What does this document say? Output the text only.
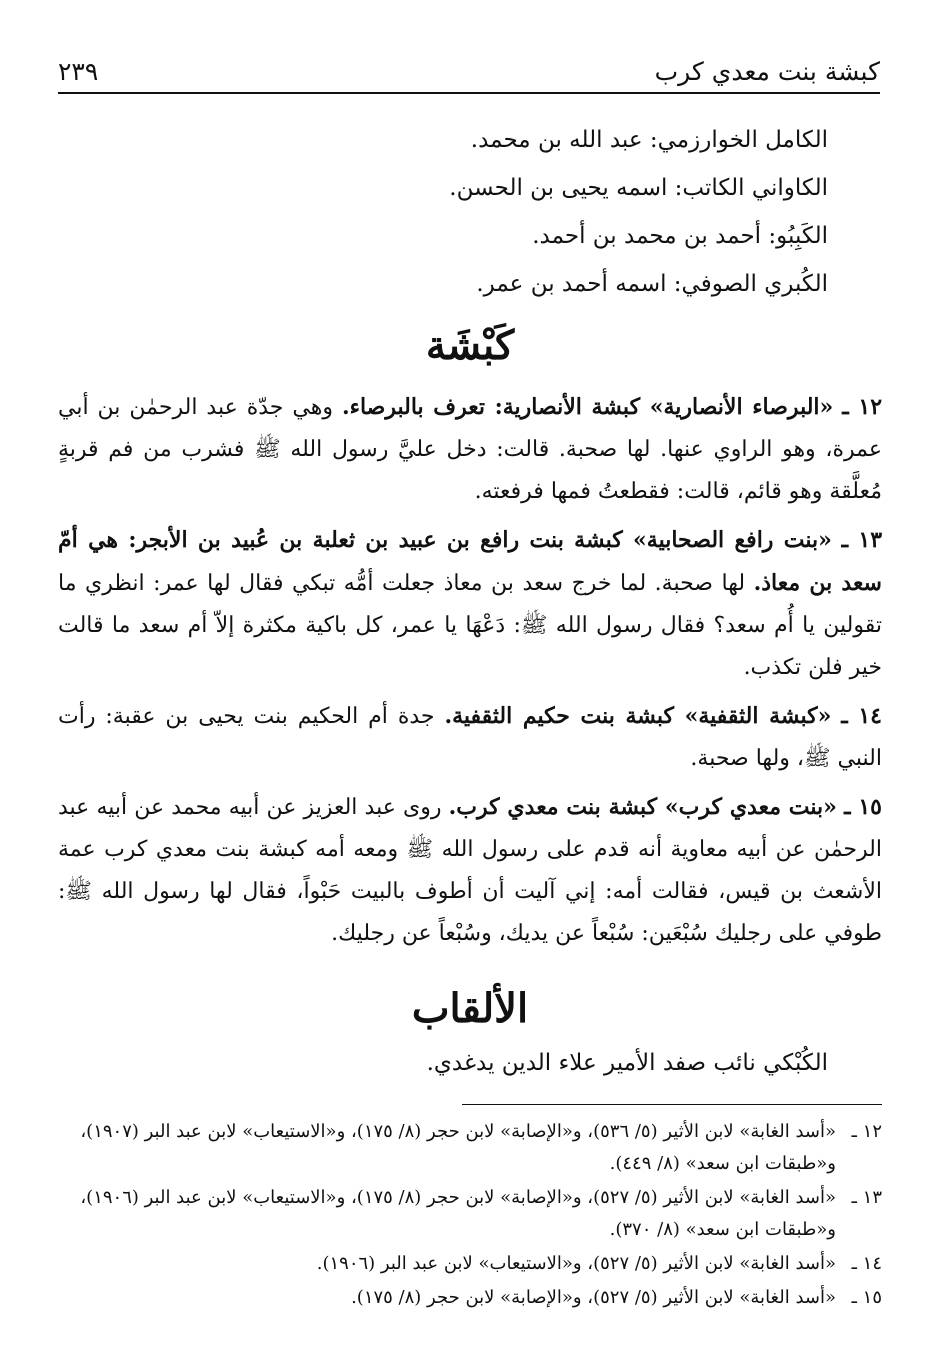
كبشة بنت معدي كرب
٢٣٩
الكامل الخوارزمي: عبد الله بن محمد.
الكاواني الكاتب: اسمه يحيى بن الحسن.
الكَبِبُو: أحمد بن محمد بن أحمد.
الكُبري الصوفي: اسمه أحمد بن عمر.
كَبْشَة

١٢ ـ «البرصاء الأنصارية» كبشة الأنصارية: تعرف بالبرصاء. وهي جدّة عبد الرحمٰن بن أبي عمرة، وهو الراوي عنها. لها صحبة. قالت: دخل عليَّ رسول الله ﷺ فشرب من فم قربةٍ مُعلَّقة وهو قائم، قالت: فقطعتُ فمها فرفعته.

١٣ ـ «بنت رافع الصحابية» كبشة بنت رافع بن عبيد بن ثعلبة بن عُبيد بن الأبجر: هي أمّ سعد بن معاذ. لها صحبة. لما خرج سعد بن معاذ جعلت أمُّه تبكي فقال لها عمر: انظري ما تقولين يا أُم سعد؟ فقال رسول الله ﷺ: دَعْهَا يا عمر، كل باكية مكثرة إلاّ أم سعد ما قالت خير فلن تكذب.

١٤ ـ «كبشة الثقفية» كبشة بنت حكيم الثقفية. جدة أم الحكيم بنت يحيى بن عقبة: رأت النبي ﷺ، ولها صحبة.

١٥ ـ «بنت معدي كرب» كبشة بنت معدي كرب. روى عبد العزيز عن أبيه محمد عن أبيه عبد الرحمٰن عن أبيه معاوية أنه قدم على رسول الله ﷺ ومعه أمه كبشة بنت معدي كرب عمة الأشعث بن قيس، فقالت أمه: إني آليت أن أطوف بالبيت حَبْواً، فقال لها رسول الله ﷺ: طوفي على رجليك سُبْعَين: سُبْعاً عن يديك، وسُبْعاً عن رجليك.

الألقاب
الكُبْكي نائب صفد الأمير علاء الدين يدغدي.
١٢ ـ
«أسد الغابة» لابن الأثير (٥/ ٥٣٦)، و«الإصابة» لابن حجر (٨/ ١٧٥)، و«الاستيعاب» لابن عبد البر (١٩٠٧)، و«طبقات ابن سعد» (٨/ ٤٤٩).
١٣ ـ
«أسد الغابة» لابن الأثير (٥/ ٥٢٧)، و«الإصابة» لابن حجر (٨/ ١٧٥)، و«الاستيعاب» لابن عبد البر (١٩٠٦)، و«طبقات ابن سعد» (٨/ ٣٧٠).
١٤ ـ
«أسد الغابة» لابن الأثير (٥/ ٥٢٧)، و«الاستيعاب» لابن عبد البر (١٩٠٦).
١٥ ـ
«أسد الغابة» لابن الأثير (٥/ ٥٢٧)، و«الإصابة» لابن حجر (٨/ ١٧٥).
